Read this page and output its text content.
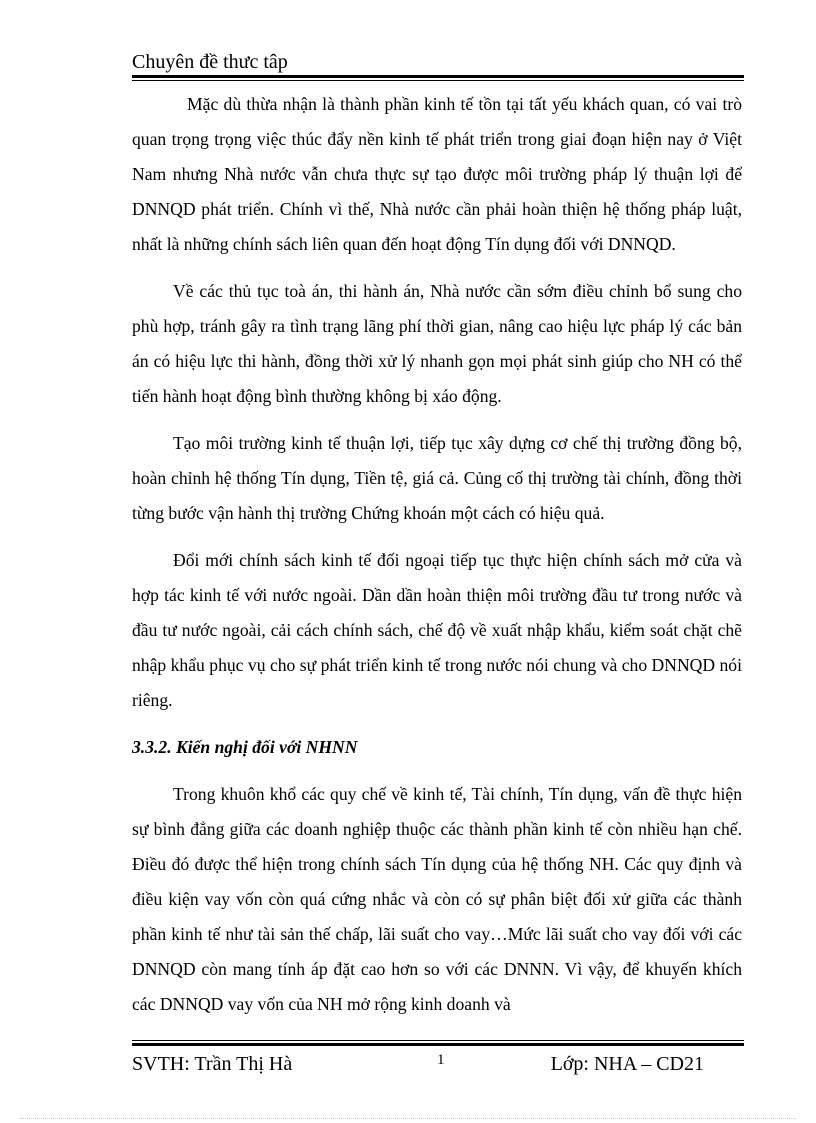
Chuyên đề thưc tâp

Mặc dù thừa nhận là thành phần kinh tế tồn tại tất yếu khách quan, có vai trò quan trọng trọng việc thúc đẩy nền kinh tế phát triển trong giai đoạn hiện nay ở Việt Nam nhưng Nhà nước vẫn chưa thực sự tạo được môi trường pháp lý thuận lợi để DNNQD phát triển. Chính vì thế, Nhà nước cần phải hoàn thiện hệ thống pháp luật, nhất là những chính sách liên quan đến hoạt động Tín dụng đối với DNNQD.

Về các thủ tục toà án, thi hành án, Nhà nước cần sớm điều chỉnh bổ sung cho phù hợp, tránh gây ra tình trạng lãng phí thời gian, nâng cao hiệu lực pháp lý các bản án có hiệu lực thi hành, đồng thời xử lý nhanh gọn mọi phát sinh giúp cho NH có thể tiến hành hoạt động bình thường không bị xáo động.

Tạo môi trường kinh tế thuận lợi, tiếp tục xây dựng cơ chế thị trường đồng bộ, hoàn chỉnh hệ thống Tín dụng, Tiền tệ, giá cả. Củng cố thị trường tài chính, đồng thời từng bước vận hành thị trường Chứng khoán một cách có hiệu quả.

Đổi mới chính sách kinh tế đối ngoại tiếp tục thực hiện chính sách mở cửa và hợp tác kinh tế với nước ngoài. Dần dần hoàn thiện môi trường đầu tư trong nước và đầu tư nước ngoài, cải cách chính sách, chế độ về xuất nhập khẩu, kiểm soát chặt chẽ nhập khẩu phục vụ cho sự phát triển kinh tế trong nước nói chung và cho DNNQD nói riêng.

3.3.2. Kiến nghị đối với NHNN

Trong khuôn khổ các quy chế về kinh tế, Tài chính, Tín dụng, vấn đề thực hiện sự bình đẳng giữa các doanh nghiệp thuộc các thành phần kinh tế còn nhiều hạn chế. Điều đó được thể hiện trong chính sách Tín dụng của hệ thống NH. Các quy định và điều kiện vay vốn còn quá cứng nhắc và còn có sự phân biệt đối xử giữa các thành phần kinh tế như tài sản thế chấp, lãi suất cho vay…Mức lãi suất cho vay đối với các DNNQD còn mang tính áp đặt cao hơn so với các DNNN. Vì vậy, để khuyến khích các DNNQD vay vốn của NH mở rộng kinh doanh và

SVTH: Trần Thị Hà	1	Lớp: NHA – CD21
